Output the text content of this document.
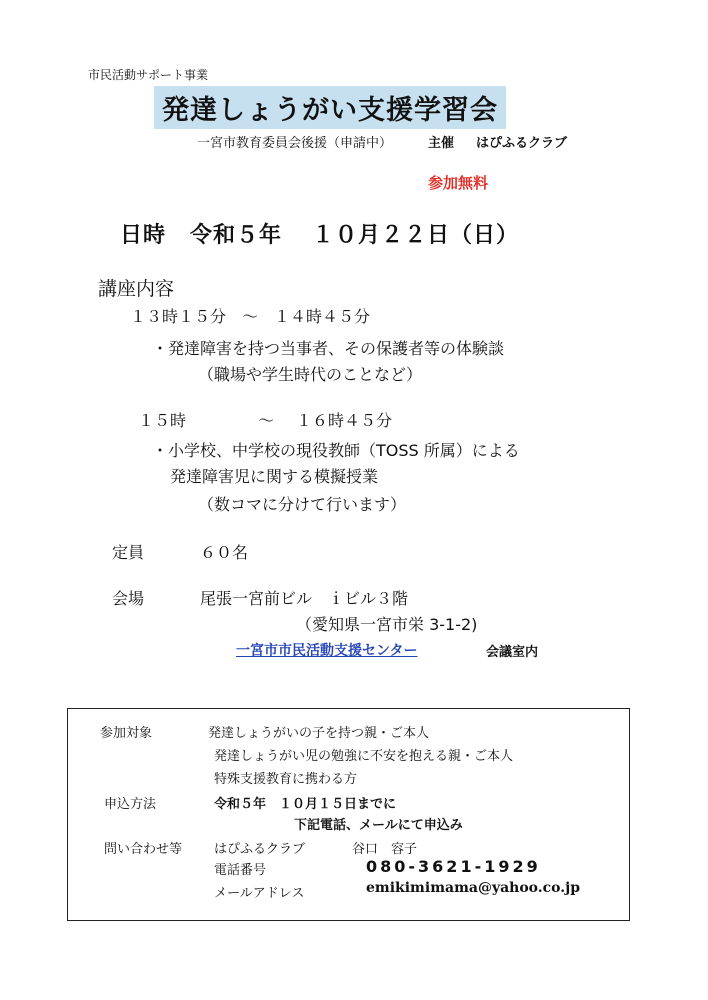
市民活動サポート事業
発達しょうがい支援学習会
一宮市教育委員会後援（申請中）	主催 はぴふるクラブ
参加無料
日時 令和５年 １０月２２日（日）
講座内容
１３時１５分　～　１４時４５分
・発達障害を持つ当事者、その保護者等の体験談
（職場や学生時代のことなど）
１５時	～ １６時４５分
・小学校、中学校の現役教師（TOSS 所属）による
発達障害児に関する模擬授業
（数コマに分けて行います）
定員	６０名
会場	尾張一宮前ビル　ｉビル３階
（愛知県一宮市栄 3-1-2)
一宮市市民活動支援センター	会議室内
参加対象	発達しょうがいの子を持つ親・ご本人
発達しょうがい児の勉強に不安を抱える親・ご本人
特殊支援教育に携わる方
申込方法	令和５年　１０月１５日までに
下記電話、メールにて申込み
問い合わせ等 はぴふるクラブ	谷口　容子
電話番号	080-3621-1929
メールアドレス	emikimimama@yahoo.co.jp
